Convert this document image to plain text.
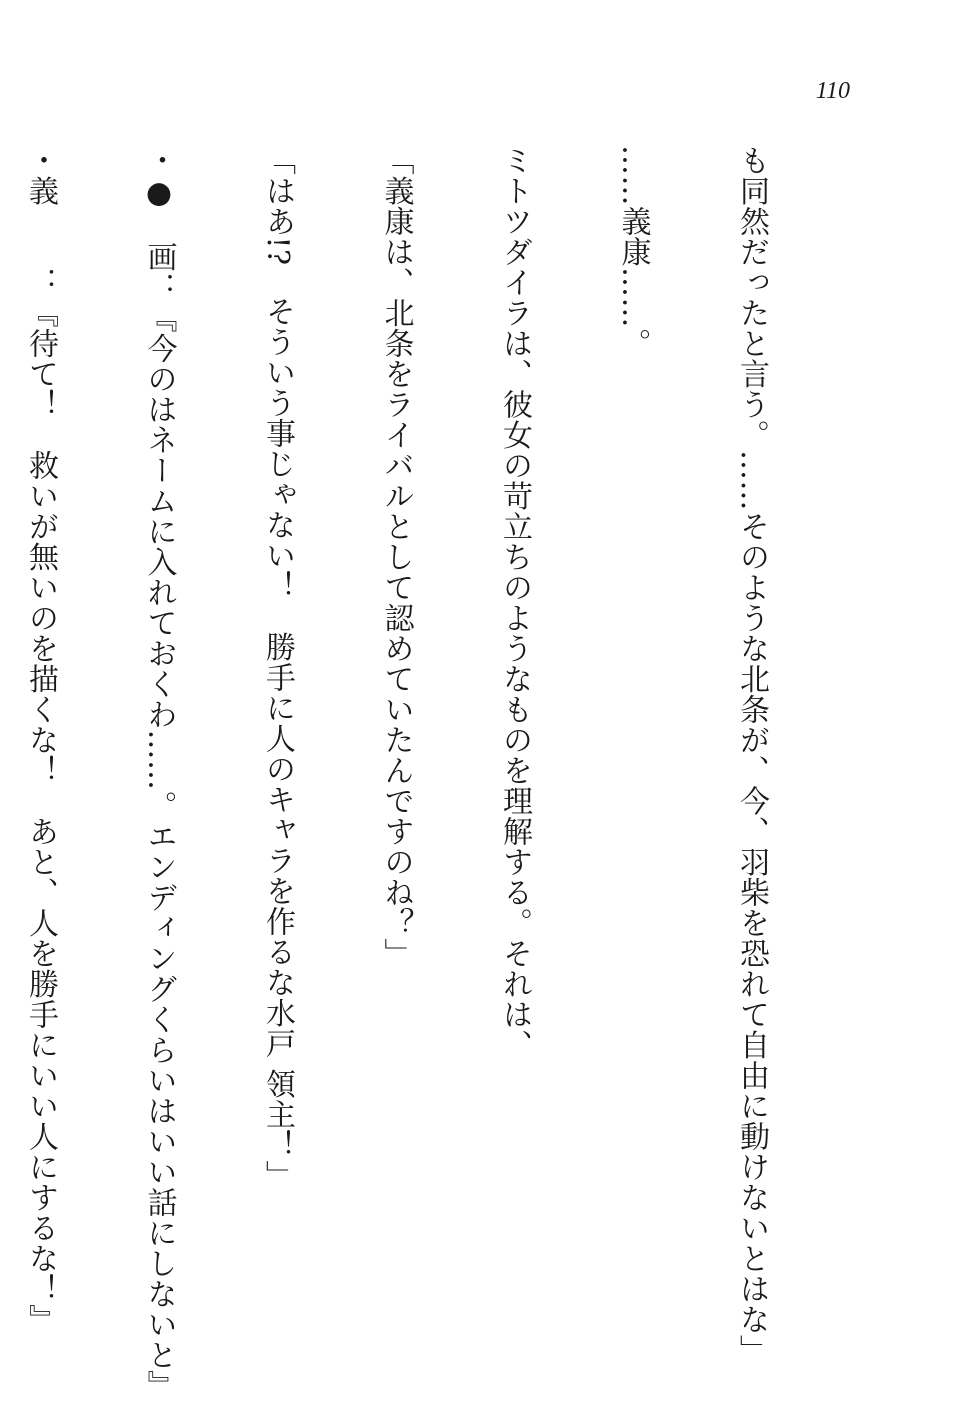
110

も同然だったと言う。……そのような北条が、今、羽柴を恐れて自由に動けないとはな」

……義康……。

ミトツダイラは、彼女の苛立ちのようなものを理解する。それは、

「義康は、北条をライバルとして認めていたんですのね？」

「はあ!?　そういう事じゃない！　勝手に人のキャラを作るな水戸 領主！」

・●　画：『今のはネームに入れておくわ……。エンディングくらいはいい話にしないと』

・義　　：『待て！　救いが無いのを描くな！　あと、人を勝手にいい人にするな！』
